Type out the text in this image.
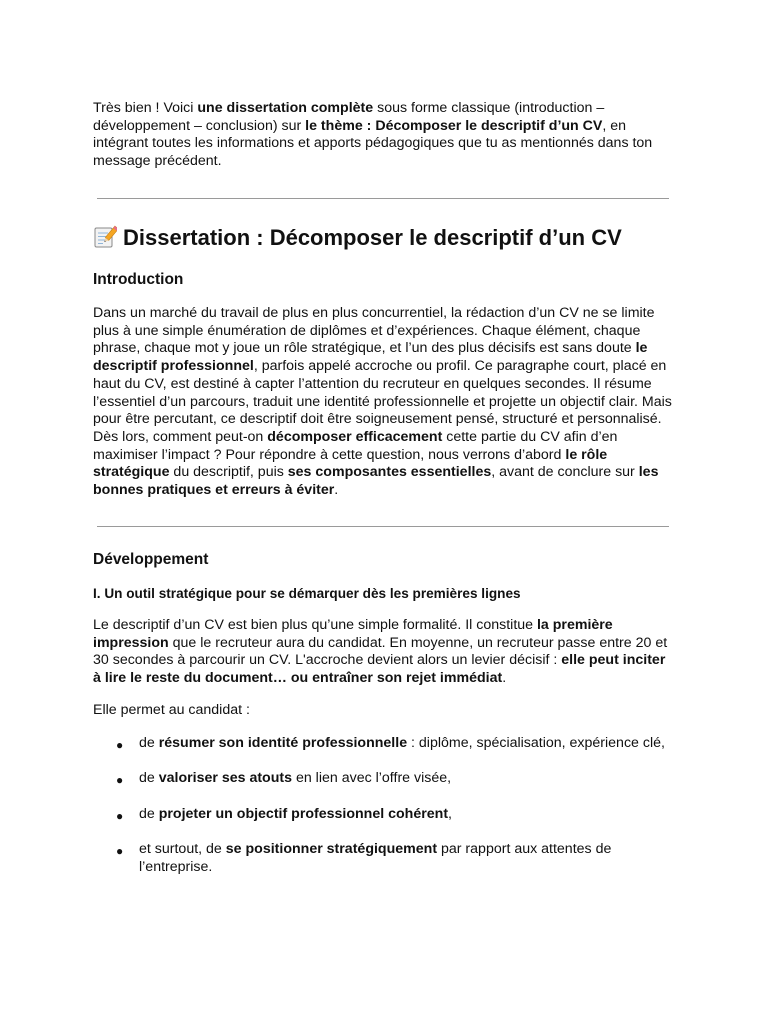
Très bien ! Voici une dissertation complète sous forme classique (introduction – développement – conclusion) sur le thème : Décomposer le descriptif d’un CV, en intégrant toutes les informations et apports pédagogiques que tu as mentionnés dans ton message précédent.

Dissertation : Décomposer le descriptif d’un CV
Introduction

Dans un marché du travail de plus en plus concurrentiel, la rédaction d’un CV ne se limite plus à une simple énumération de diplômes et d’expériences. Chaque élément, chaque phrase, chaque mot y joue un rôle stratégique, et l’un des plus décisifs est sans doute le descriptif professionnel, parfois appelé accroche ou profil. Ce paragraphe court, placé en haut du CV, est destiné à capter l’attention du recruteur en quelques secondes. Il résume l’essentiel d’un parcours, traduit une identité professionnelle et projette un objectif clair. Mais pour être percutant, ce descriptif doit être soigneusement pensé, structuré et personnalisé. Dès lors, comment peut-on décomposer efficacement cette partie du CV afin d’en maximiser l’impact ? Pour répondre à cette question, nous verrons d’abord le rôle stratégique du descriptif, puis ses composantes essentielles, avant de conclure sur les bonnes pratiques et erreurs à éviter.

Développement
I. Un outil stratégique pour se démarquer dès les premières lignes

Le descriptif d’un CV est bien plus qu’une simple formalité. Il constitue la première impression que le recruteur aura du candidat. En moyenne, un recruteur passe entre 20 et 30 secondes à parcourir un CV. L'accroche devient alors un levier décisif : elle peut inciter à lire le reste du document… ou entraîner son rejet immédiat.

Elle permet au candidat :

● de résumer son identité professionnelle : diplôme, spécialisation, expérience clé,

● de valoriser ses atouts en lien avec l’offre visée,

● de projeter un objectif professionnel cohérent,

● et surtout, de se positionner stratégiquement par rapport aux attentes de l’entreprise.
